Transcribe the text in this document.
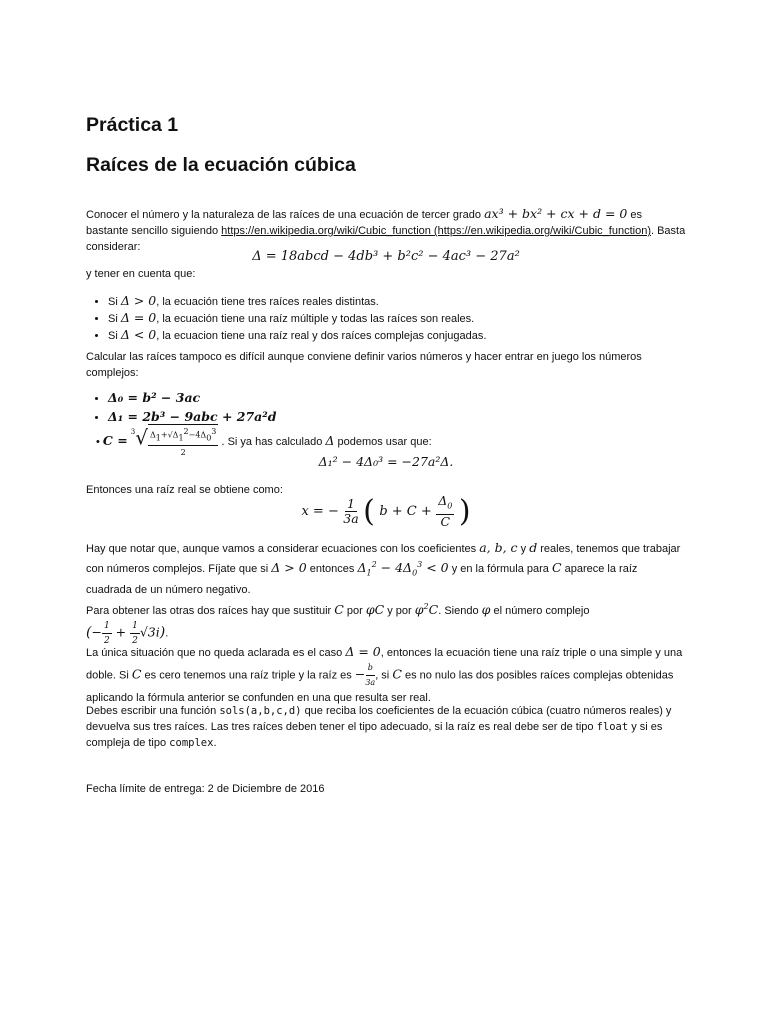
Práctica 1
Raíces de la ecuación cúbica
Conocer el número y la naturaleza de las raíces de una ecuación de tercer grado ax³ + bx² + cx + d = 0 es bastante sencillo siguiendo https://en.wikipedia.org/wiki/Cubic_function (https://en.wikipedia.org/wiki/Cubic_function). Basta considerar:
Δ = 18abcd − 4db³ + b²c² − 4ac³ − 27a²
y tener en cuenta que:
• Si Δ > 0, la ecuación tiene tres raíces reales distintas.
• Si Δ = 0, la ecuación tiene una raíz múltiple y todas las raíces son reales.
• Si Δ < 0, la ecuacion tiene una raíz real y dos raíces complejas conjugadas.
Calcular las raíces tampoco es difícil aunque conviene definir varios números y hacer entrar en juego los números complejos:
• Δ₀ = b² − 3ac
• Δ₁ = 2b³ − 9abc + 27a²d
• $C = ^3√ \frac{\Delta_1+√\Delta_1^2-4\Delta_0^3}{2}$ . Si ya has calculado Δ podemos usar que:
Δ₁² − 4Δ₀³ = −27a²Δ.
Entonces una raíz real se obtiene como:
x = − $\frac{1}{3a}$ ( $b + C + \frac{\Delta_0}{C}$ )
Hay que notar que, aunque vamos a considerar ecuaciones con los coeficientes a, b, c y d reales, tenemos que trabajar con números complejos. Fíjate que si Δ > 0 entonces $\Delta_1^2 - 4\Delta_0^3 < 0$ y en la fórmula para C aparece la raíz cuadrada de un número negativo.
Para obtener las otras dos raíces hay que sustituir C por φC y por $\varphi^2C$. Siendo φ el número complejo
(− $\frac{1}{2} + \frac{1}{2} √3i$).
La única situación que no queda aclarada es el caso Δ = 0, entonces la ecuación tiene una raíz triple o una simple y una doble. Si C es cero tenemos una raíz triple y la raíz es − $\frac{b}{3a}$ , si C es no nulo las dos posibles raíces complejas obtenidas aplicando la fórmula anterior se confunden en una que resulta ser real.
Debes escribir una función sols(a,b,c,d) que reciba los coeficientes de la ecuación cúbica (cuatro números reales) y devuelva sus tres raíces. Las tres raíces deben tener el tipo adecuado, si la raíz es real debe ser de tipo float y si es compleja de tipo complex.
Fecha límite de entrega: 2 de Diciembre de 2016
